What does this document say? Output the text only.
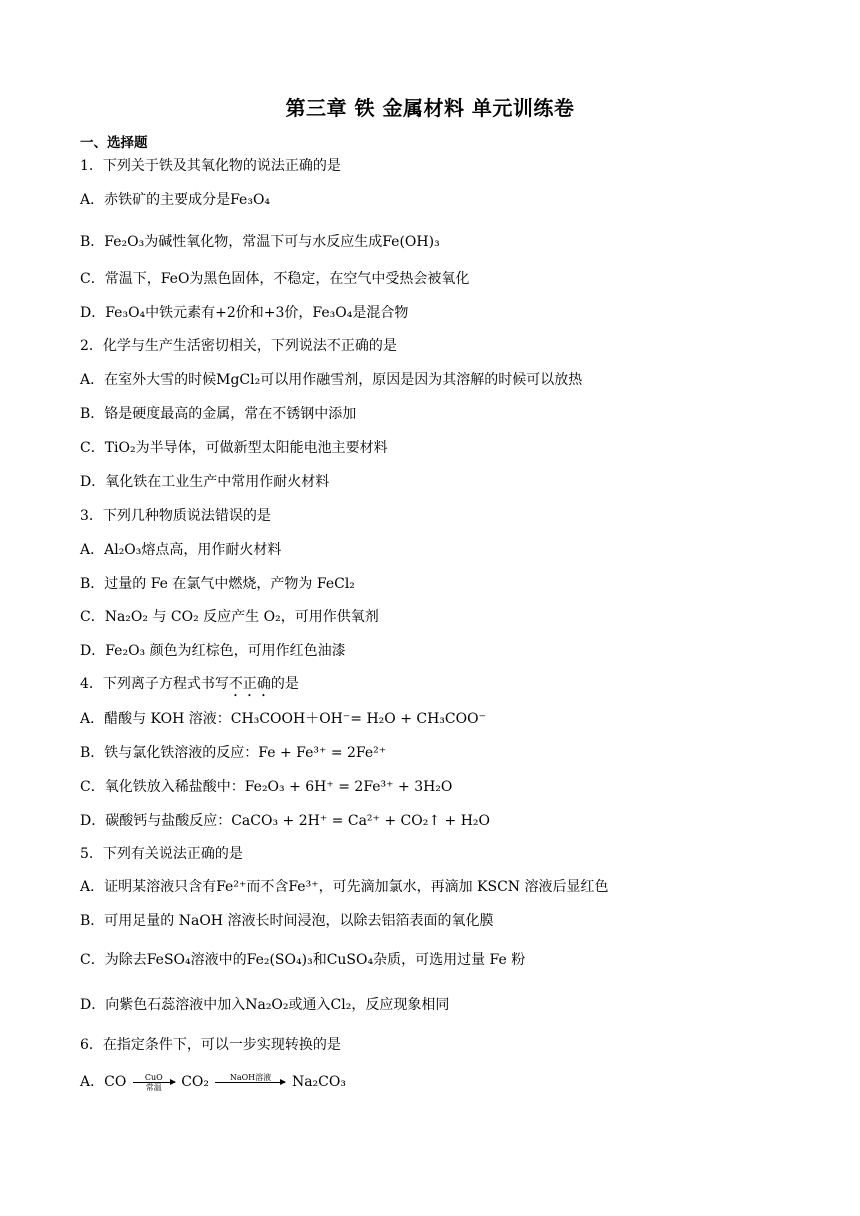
第三章 铁 金属材料 单元训练卷
一、选择题
1．下列关于铁及其氧化物的说法正确的是
A．赤铁矿的主要成分是Fe₃O₄
B．Fe₂O₃为碱性氧化物，常温下可与水反应生成Fe(OH)₃
C．常温下，FeO为黑色固体，不稳定，在空气中受热会被氧化
D．Fe₃O₄中铁元素有+2价和+3价，Fe₃O₄是混合物
2．化学与生产生活密切相关，下列说法不正确的是
A．在室外大雪的时候MgCl₂可以用作融雪剂，原因是因为其溶解的时候可以放热
B．铬是硬度最高的金属，常在不锈钢中添加
C．TiO₂为半导体，可做新型太阳能电池主要材料
D．氧化铁在工业生产中常用作耐火材料
3．下列几种物质说法错误的是
A．Al₂O₃熔点高，用作耐火材料
B．过量的 Fe 在氯气中燃烧，产物为 FeCl₂
C．Na₂O₂ 与 CO₂ 反应产生 O₂，可用作供氧剂
D．Fe₂O₃ 颜色为红棕色，可用作红色油漆
4．下列离子方程式书写不正确的是
A．醋酸与 KOH 溶液：CH₃COOH＋OH⁻= H₂O + CH₃COO⁻
B．铁与氯化铁溶液的反应：Fe + Fe³⁺ = 2Fe²⁺
C．氧化铁放入稀盐酸中：Fe₂O₃ + 6H⁺ = 2Fe³⁺ + 3H₂O
D．碳酸钙与盐酸反应：CaCO₃ + 2H⁺ = Ca²⁺ + CO₂↑ + H₂O
5．下列有关说法正确的是
A．证明某溶液只含有Fe²⁺而不含Fe³⁺，可先滴加氯水，再滴加 KSCN 溶液后显红色
B．可用足量的 NaOH 溶液长时间浸泡，以除去铝箔表面的氧化膜
C．为除去FeSO₄溶液中的Fe₂(SO₄)₃和CuSO₄杂质，可选用过量 Fe 粉
D．向紫色石蕊溶液中加入Na₂O₂或通入Cl₂，反应现象相同
6．在指定条件下，可以一步实现转换的是
A．CO CuO
常温 CO₂	NaOH溶液
Na₂CO₃
